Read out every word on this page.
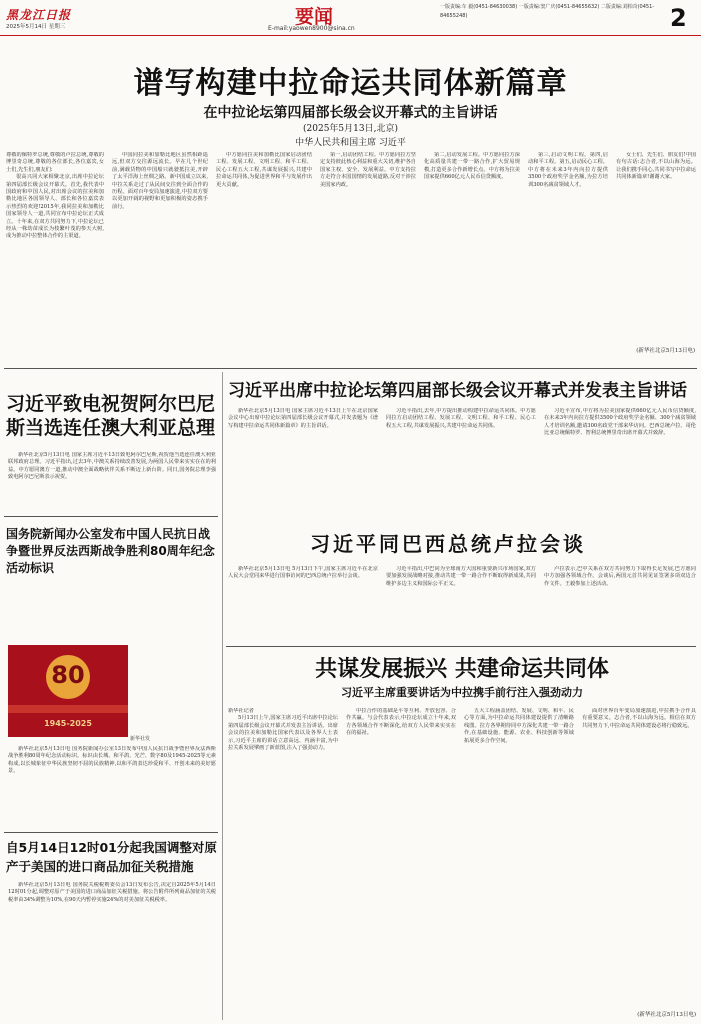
黑龙江日报
2025年5月14日 星期三	要闻
E-mail:yaowen8900@sina.cn
一版责编:车 毅(0451-84630038) 一版责编:窦广庆(0451-84655632) 二版责编:刘柏奇(0451-84655248)	2
谱写构建中拉命运共同体新篇章
在中拉论坛第四届部长级会议开幕式的主旨讲话
(2025年5月13日,北京)
中华人民共和国主席 习近平

尊敬的佩特罗总统,尊敬的卢拉总统,尊敬的博里奇总统,尊敬的各位部长,各位嘉宾,女士们,先生们,朋友们:

很高兴同大家相聚北京,出席中拉论坛第四届部长级会议开幕式。首先,我代表中国政府和中国人民,对出席会议的拉美和加勒比地区各国领导人、部长和各位嘉宾表示热烈的欢迎!2015年,我同拉美和加勒比国家领导人一道,共同宣布中拉论坛正式成立。十年来,在双方共同努力下,中拉论坛已经从一株幼苗成长为枝繁叶茂的参天大树,成为推动中拉整体合作的主渠道。

中国同拉美和加勒比地区虽然相距遥远,但双方交往源远流长。早在几个世纪前,满载货物的中国船只就驶抵拉美,开辟了太平洋海上丝绸之路。新中国成立以来,中拉关系走过了从民间交往到全面合作的历程。面对百年变局加速演进,中拉双方要以更加开阔的视野和更加积极的姿态携手前行。

中方愿同拉美和加勒比国家启动团结工程、发展工程、文明工程、和平工程、民心工程五大工程,共谋发展振兴,共建中拉命运共同体,为促进世界和平与发展作出更大贡献。

第一,启动团结工程。中方愿同拉方坚定支持彼此核心利益和重大关切,维护各自国家主权、安全、发展利益。中方支持拉方走符合本国国情的发展道路,反对干涉拉美国家内政。

第二,启动发展工程。中方愿同拉方深化高质量共建一带一路合作,扩大贸易规模,打造更多合作新增长点。中方将为拉美国家提供660亿元人民币信贷额度。

第三,启动文明工程。第四,启动和平工程。第五,启动民心工程。中方将在未来3年内向拉方提供3500个政府奖学金名额,为拉方培训300名减贫领域人才。

女士们、先生们、朋友们!中国有句古话:志合者,不以山海为远。让我们携手同心,共同书写中拉命运共同体新篇章!谢谢大家。

(新华社北京5月13日电)
习近平致电祝贺阿尔巴尼斯当选连任澳大利亚总理

新华社北京5月13日电 国家主席习近平13日致电阿尔巴尼斯,祝贺他当选连任澳大利亚联邦政府总理。习近平指出,过去3年,中澳关系持续改善发展,为两国人民带来实实在在的利益。中方愿同澳方一道,推动中澳全面战略伙伴关系不断迈上新台阶。同日,国务院总理李强致电阿尔巴尼斯表示祝贺。

国务院新闻办公室发布中国人民抗日战争暨世界反法西斯战争胜利80周年纪念活动标识
80
1945-2025
新华社发

新华社北京5月13日电 国务院新闻办公室13日发布中国人民抗日战争暨世界反法西斯战争胜利80周年纪念活动标识。标识由长城、和平鸽、光芒、数字80及1945-2025等元素构成,以长城象征中华民族坚韧不屈的民族精神,以和平鸽表达珍爱和平、开创未来的美好愿景。

自5月14日12时01分起我国调整对原产于美国的进口商品加征关税措施

新华社北京5月13日电 国务院关税税则委员会13日发布公告,决定自2025年5月14日12时01分起,调整对原产于美国的进口商品加征关税措施。将公告附件所列商品加征的关税税率由34%调整为10%,在90天内暂停实施24%的对美加征关税税率。

习近平出席中拉论坛第四届部长级会议开幕式并发表主旨讲话

新华社北京5月13日电 国家主席习近平13日上午在北京国家会议中心出席中拉论坛第四届部长级会议开幕式,并发表题为《谱写构建中拉命运共同体新篇章》的主旨讲话。

习近平指出,去年,中方提出推动构建中拉命运共同体。中方愿同拉方启动团结工程、发展工程、文明工程、和平工程、民心工程五大工程,共谋发展振兴,共建中拉命运共同体。

习近平宣布,中方将为拉美国家提供660亿元人民币信贷额度,在未来3年内向拉方提供3500个政府奖学金名额、300个减贫领域人才培训名额,邀请300名政党干部来华访问。巴西总统卢拉、哥伦比亚总统佩特罗、智利总统博里奇出席开幕式并致辞。

习近平同巴西总统卢拉会谈

新华社北京5月13日电 5月13日下午,国家主席习近平在北京人民大会堂同来华进行国事访问的巴西总统卢拉举行会谈。

习近平指出,中巴同为全球南方大国和重要新兴市场国家,双方要加强发展战略对接,推动共建一带一路合作不断取得新成果,共同维护多边主义和国际公平正义。

卢拉表示,巴中关系在双方共同努力下取得长足发展,巴方愿同中方加强各领域合作。会谈后,两国元首共同见证签署多项双边合作文件。王毅参加上述活动。

共谋发展振兴 共建命运共同体
习近平主席重要讲话为中拉携手前行注入强劲动力

新华社记者

5月13日上午,国家主席习近平出席中拉论坛第四届部长级会议开幕式并发表主旨讲话。出席会议的拉美和加勒比国家代表以及各界人士表示,习近平主席的讲话立意高远、内涵丰富,为中拉关系发展擘画了新蓝图,注入了强劲动力。

中拉合作的基础是平等互利、开放包容、合作共赢。与会代表表示,中拉论坛成立十年来,双方各领域合作不断深化,给双方人民带来实实在在的福祉。

五大工程涵盖团结、发展、文明、和平、民心等方面,为中拉命运共同体建设提供了清晰路线图。拉方各界期待同中方深化共建一带一路合作,在基础设施、能源、农业、科技创新等领域拓展更多合作空间。

面对世界百年变局加速演进,中拉携手合作具有重要意义。志合者,不以山海为远。相信在双方共同努力下,中拉命运共同体建设必将行稳致远。

(新华社北京5月13日电)
